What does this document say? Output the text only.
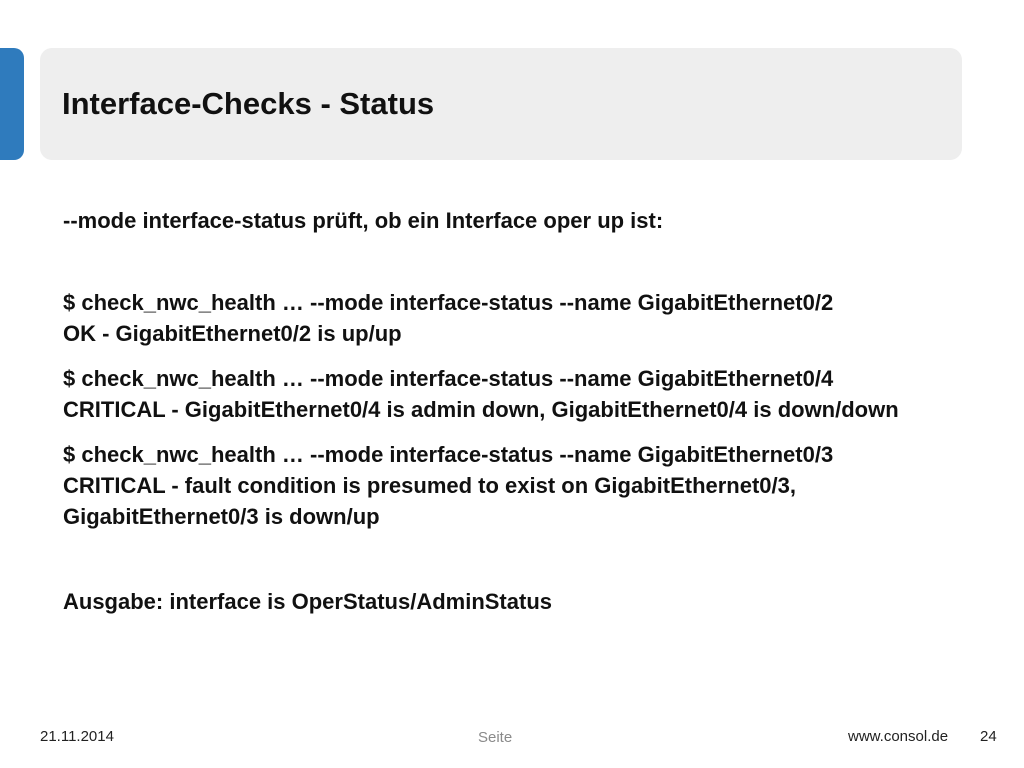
Interface-Checks - Status

--mode interface-status prüft, ob ein Interface oper up ist:

$ check_nwc_health … --mode interface-status --name GigabitEthernet0/2
OK - GigabitEthernet0/2 is up/up

$ check_nwc_health … --mode interface-status --name GigabitEthernet0/4
CRITICAL - GigabitEthernet0/4 is admin down, GigabitEthernet0/4 is down/down

$ check_nwc_health … --mode interface-status --name GigabitEthernet0/3
CRITICAL - fault condition is presumed to exist on GigabitEthernet0/3, GigabitEthernet0/3 is down/up

Ausgabe: interface is OperStatus/AdminStatus

21.11.2014	Seite	www.consol.de 24
